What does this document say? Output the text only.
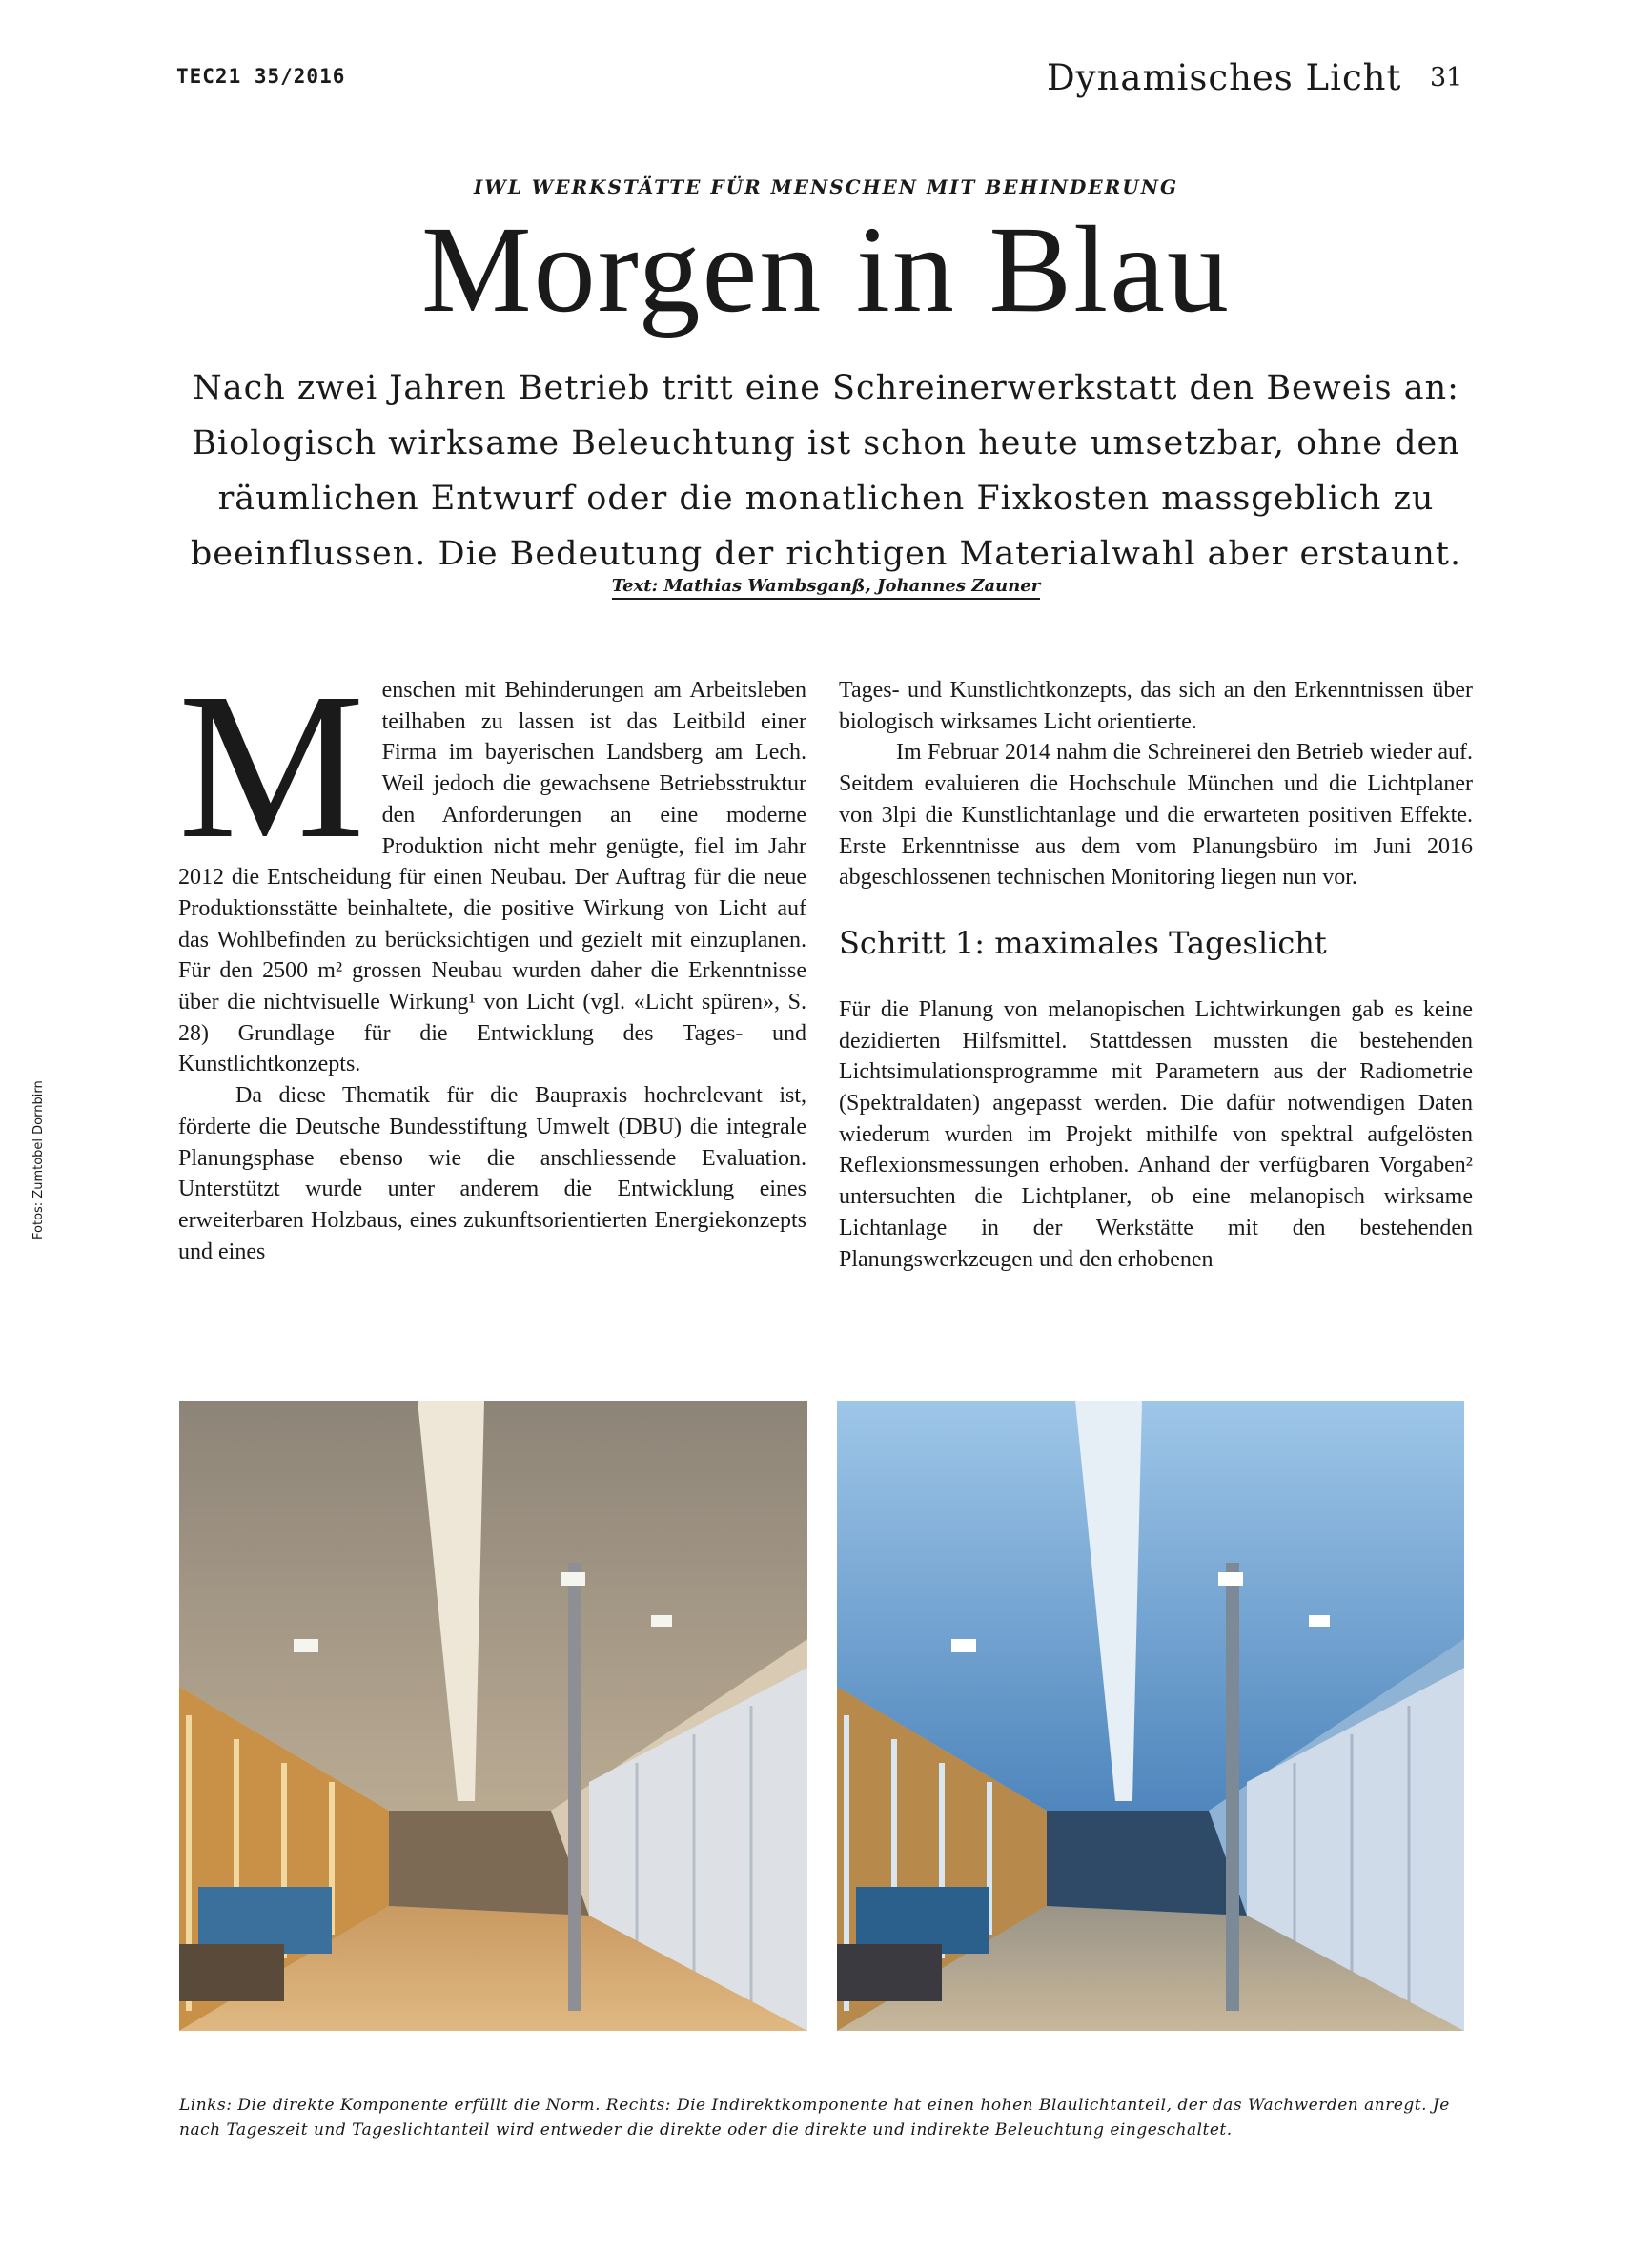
TEC21 35/2016	Dynamisches Licht 31
IWL WERKSTÄTTE FÜR MENSCHEN MIT BEHINDERUNG
Morgen in Blau
Nach zwei Jahren Betrieb tritt eine Schreinerwerkstatt den Beweis an: Biologisch wirksame Beleuchtung ist schon heute umsetzbar, ohne den räumlichen Entwurf oder die monatlichen Fixkosten massgeblich zu beeinflussen. Die Bedeutung der richtigen Materialwahl aber erstaunt.
Text: Mathias Wambsganß, Johannes Zauner
M enschen mit Behinderungen am Arbeitsleben teilhaben zu lassen ist das Leitbild einer Firma im bayerischen Landsberg am Lech. Weil jedoch die gewachsene Betriebsstruktur den Anforderungen an eine moderne Produktion nicht mehr genügte, fiel im Jahr 2012 die Entscheidung für einen Neubau. Der Auftrag für die neue Produktionsstätte beinhaltete, die positive Wirkung von Licht auf das Wohlbefinden zu berücksichtigen und gezielt mit einzuplanen. Für den 2500 m² grossen Neubau wurden daher die Erkenntnisse über die nichtvisuelle Wirkung¹ von Licht (vgl. «Licht spüren», S. 28) Grundlage für die Entwicklung des Tages- und Kunstlichtkonzepts.

Da diese Thematik für die Baupraxis hochrelevant ist, förderte die Deutsche Bundesstiftung Umwelt (DBU) die integrale Planungsphase ebenso wie die anschliessende Evaluation. Unterstützt wurde unter anderem die Entwicklung eines erweiterbaren Holzbaus, eines zukunftsorientierten Energiekonzepts und eines

Tages- und Kunstlichtkonzepts, das sich an den Erkenntnissen über biologisch wirksames Licht orientierte.

Im Februar 2014 nahm die Schreinerei den Betrieb wieder auf. Seitdem evaluieren die Hochschule München und die Lichtplaner von 3lpi die Kunstlichtanlage und die erwarteten positiven Effekte. Erste Erkenntnisse aus dem vom Planungsbüro im Juni 2016 abgeschlossenen technischen Monitoring liegen nun vor.

Schritt 1: maximales Tageslicht

Für die Planung von melanopischen Lichtwirkungen gab es keine dezidierten Hilfsmittel. Stattdessen mussten die bestehenden Lichtsimulationsprogramme mit Parametern aus der Radiometrie (Spektraldaten) angepasst werden. Die dafür notwendigen Daten wiederum wurden im Projekt mithilfe von spektral aufgelösten Reflexionsmessungen erhoben. Anhand der verfügbaren Vorgaben² untersuchten die Lichtplaner, ob eine melanopisch wirksame Lichtanlage in der Werkstätte mit den bestehenden Planungswerkzeugen und den erhobenen

Links: Die direkte Komponente erfüllt die Norm. Rechts: Die Indirektkomponente hat einen hohen Blaulichtanteil, der das Wachwerden anregt. Je nach Tageszeit und Tageslichtanteil wird entweder die direkte oder die direkte und indirekte Beleuchtung eingeschaltet.
Fotos: Zumtobel Dornbirn
